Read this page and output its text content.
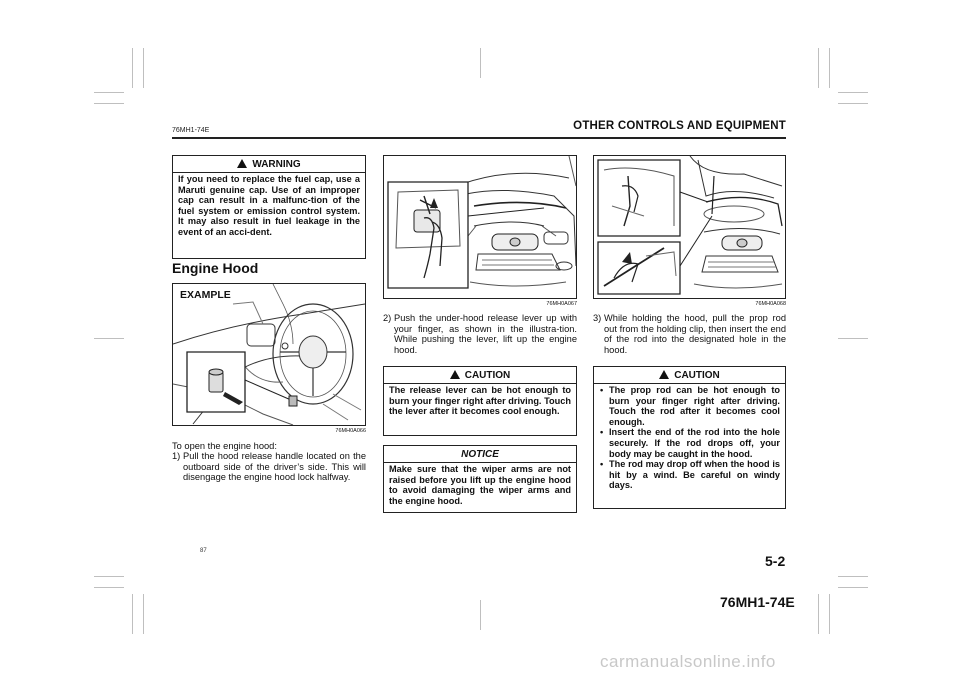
76MH1-74E	OTHER CONTROLS AND EQUIPMENT
WARNING
If you need to replace the fuel cap, use a Maruti genuine cap. Use of an improper cap can result in a malfunc-tion of the fuel system or emission control system. It may also result in fuel leakage in the event of an acci-dent.
Engine Hood
EXAMPLE
76MH0A066
To open the engine hood:
1) Pull the hood release handle located on the outboard side of the driver’s side. This will disengage the engine hood lock halfway.
76MH0A067
2) Push the under-hood release lever up with your finger, as shown in the illustra-tion. While pushing the lever, lift up the engine hood.
CAUTION
The release lever can be hot enough to burn your finger right after driving. Touch the lever after it becomes cool enough.
NOTICE
Make sure that the wiper arms are not raised before you lift up the engine hood to avoid damaging the wiper arms and the engine hood.
76MH0A068
3) While holding the hood, pull the prop rod out from the holding clip, then insert the end of the rod into the designated hole in the hood.
CAUTION
• The prop rod can be hot enough to burn your finger right after driving. Touch the rod after it becomes cool enough.
• Insert the end of the rod into the hole securely. If the rod drops off, your body may be caught in the hood.
• The rod may drop off when the hood is hit by a wind. Be careful on windy days.
87
5-2
76MH1-74E
carmanualsonline.info
